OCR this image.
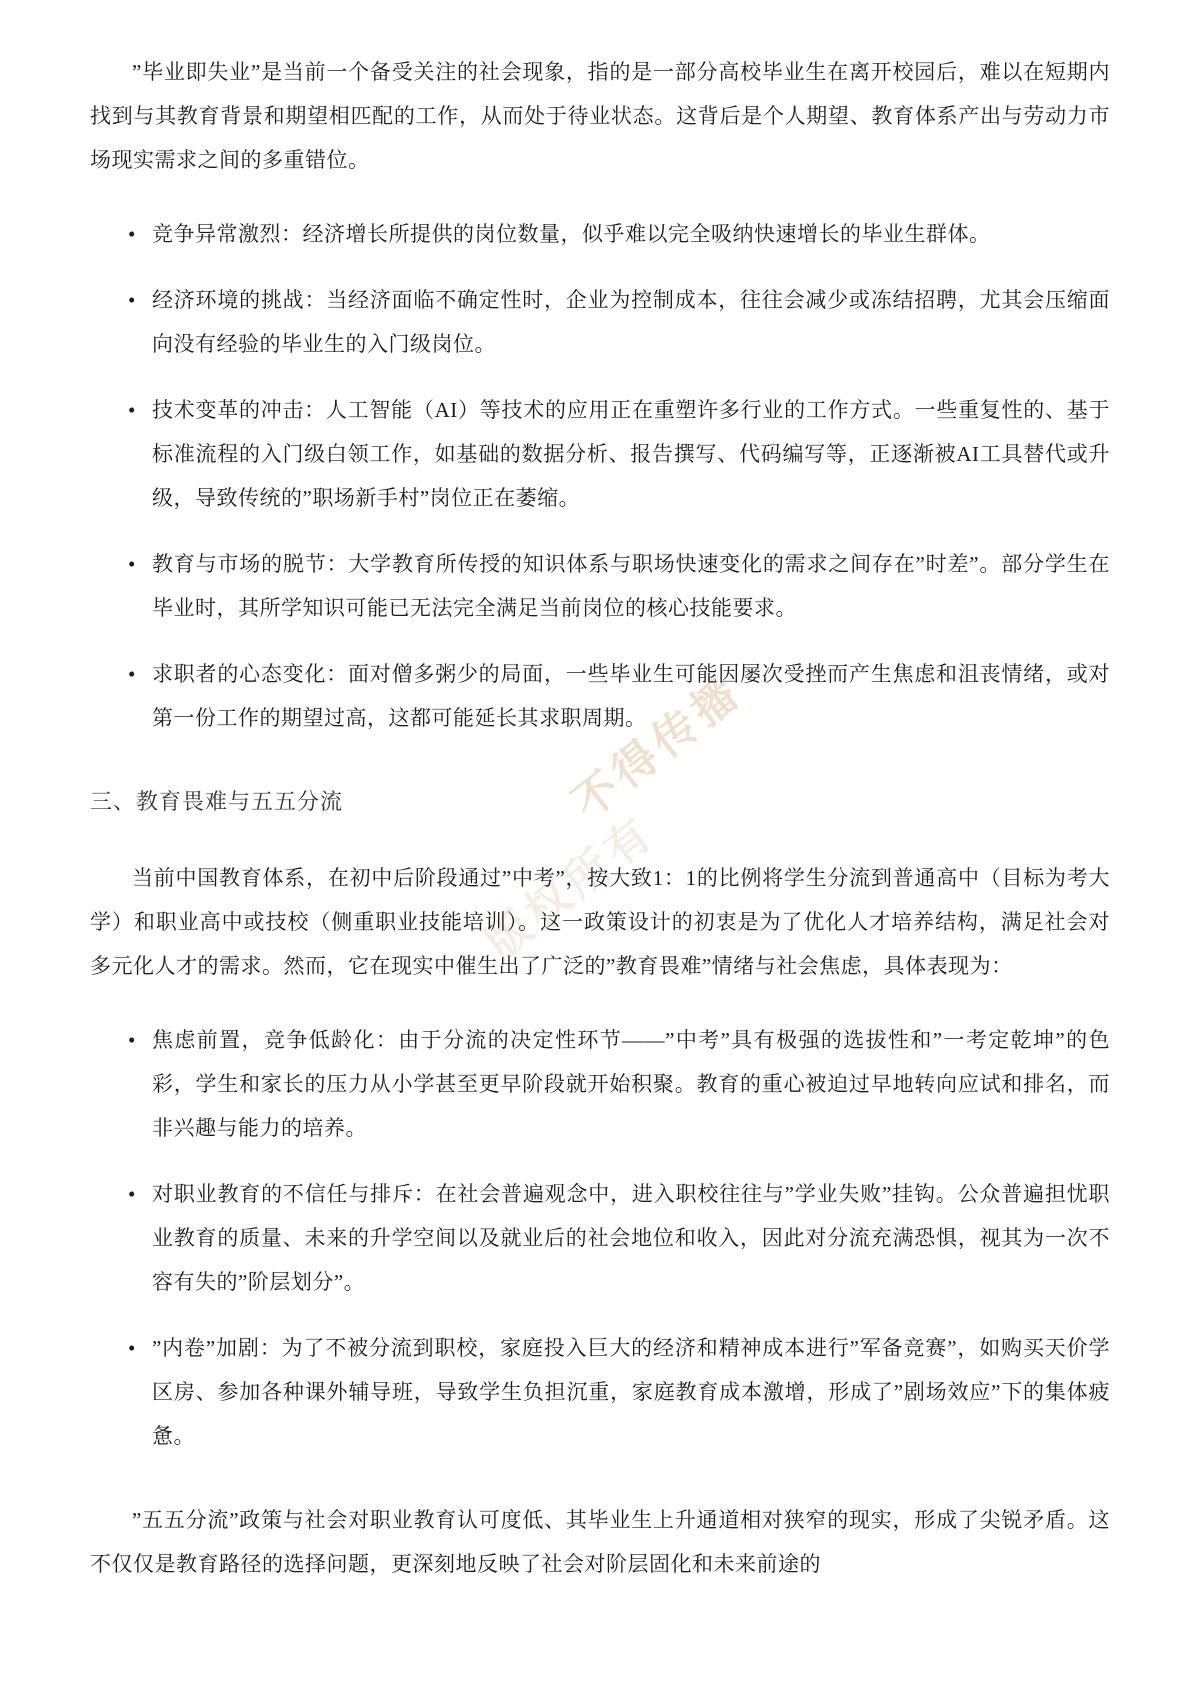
不得传播
版权所有

”毕业即失业”是当前一个备受关注的社会现象，指的是一部分高校毕业生在离开校园后，难以在短期内找到与其教育背景和期望相匹配的工作，从而处于待业状态。这背后是个人期望、教育体系产出与劳动力市场现实需求之间的多重错位。

• 竞争异常激烈：经济增长所提供的岗位数量，似乎难以完全吸纳快速增长的毕业生群体。
• 经济环境的挑战：当经济面临不确定性时，企业为控制成本，往往会减少或冻结招聘，尤其会压缩面向没有经验的毕业生的入门级岗位。
• 技术变革的冲击：人工智能（AI）等技术的应用正在重塑许多行业的工作方式。一些重复性的、基于标准流程的入门级白领工作，如基础的数据分析、报告撰写、代码编写等，正逐渐被AI工具替代或升级，导致传统的”职场新手村”岗位正在萎缩。
• 教育与市场的脱节：大学教育所传授的知识体系与职场快速变化的需求之间存在”时差”。部分学生在毕业时，其所学知识可能已无法完全满足当前岗位的核心技能要求。
• 求职者的心态变化：面对僧多粥少的局面，一些毕业生可能因屡次受挫而产生焦虑和沮丧情绪，或对第一份工作的期望过高，这都可能延长其求职周期。
三、教育畏难与五五分流

当前中国教育体系，在初中后阶段通过”中考”，按大致1：1的比例将学生分流到普通高中（目标为考大学）和职业高中或技校（侧重职业技能培训）。这一政策设计的初衷是为了优化人才培养结构，满足社会对多元化人才的需求。然而，它在现实中催生出了广泛的”教育畏难”情绪与社会焦虑，具体表现为：

• 焦虑前置，竞争低龄化：由于分流的决定性环节——”中考”具有极强的选拔性和”一考定乾坤”的色彩，学生和家长的压力从小学甚至更早阶段就开始积聚。教育的重心被迫过早地转向应试和排名，而非兴趣与能力的培养。
• 对职业教育的不信任与排斥：在社会普遍观念中，进入职校往往与”学业失败”挂钩。公众普遍担忧职业教育的质量、未来的升学空间以及就业后的社会地位和收入，因此对分流充满恐惧，视其为一次不容有失的”阶层划分”。
• ”内卷”加剧：为了不被分流到职校，家庭投入巨大的经济和精神成本进行”军备竞赛”，如购买天价学区房、参加各种课外辅导班，导致学生负担沉重，家庭教育成本激增，形成了”剧场效应”下的集体疲惫。

”五五分流”政策与社会对职业教育认可度低、其毕业生上升通道相对狭窄的现实，形成了尖锐矛盾。这不仅仅是教育路径的选择问题，更深刻地反映了社会对阶层固化和未来前途的
